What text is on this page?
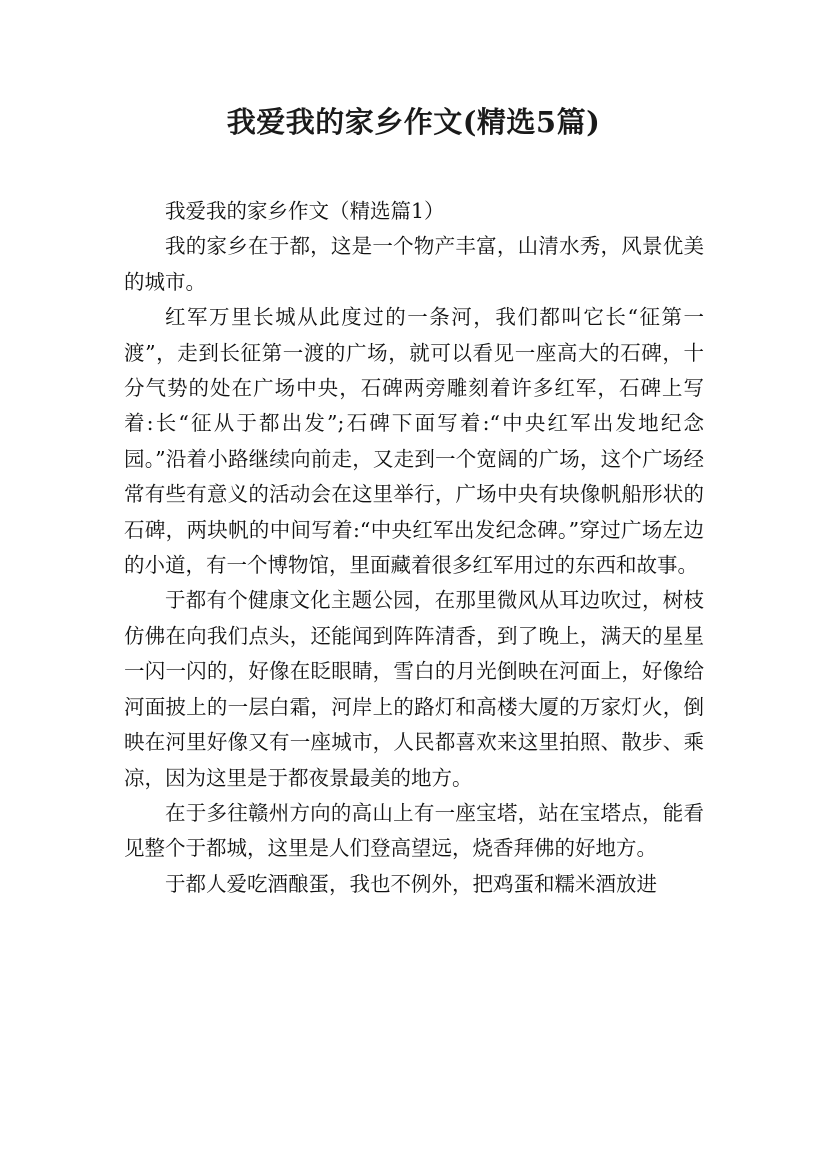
我爱我的家乡作文(精选5篇)

我爱我的家乡作文（精选篇1）

我的家乡在于都，这是一个物产丰富，山清水秀，风景优美的城市。

红军万里长城从此度过的一条河，我们都叫它长“征第一渡”，走到长征第一渡的广场，就可以看见一座高大的石碑，十分气势的处在广场中央，石碑两旁雕刻着许多红军，石碑上写着:长“征从于都出发”;石碑下面写着:“中央红军出发地纪念园。”沿着小路继续向前走，又走到一个宽阔的广场，这个广场经常有些有意义的活动会在这里举行，广场中央有块像帆船形状的石碑，两块帆的中间写着:“中央红军出发纪念碑。”穿过广场左边的小道，有一个博物馆，里面藏着很多红军用过的东西和故事。

于都有个健康文化主题公园，在那里微风从耳边吹过，树枝仿佛在向我们点头，还能闻到阵阵清香，到了晚上，满天的星星一闪一闪的，好像在眨眼睛，雪白的月光倒映在河面上，好像给河面披上的一层白霜，河岸上的路灯和高楼大厦的万家灯火，倒映在河里好像又有一座城市，人民都喜欢来这里拍照、散步、乘凉，因为这里是于都夜景最美的地方。

在于多往赣州方向的高山上有一座宝塔，站在宝塔点，能看见整个于都城，这里是人们登高望远，烧香拜佛的好地方。

于都人爱吃酒酿蛋，我也不例外，把鸡蛋和糯米酒放进
